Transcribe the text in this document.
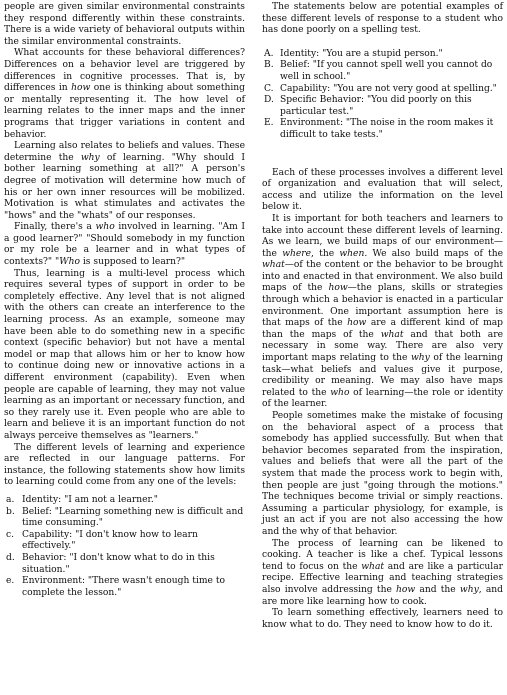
people are given similar environmental constraints they respond differently within these constraints. There is a wide variety of behavioral outputs within the similar environmental constraints.

What accounts for these behavioral differences? Differences on a behavior level are triggered by differences in cognitive processes. That is, by differences in how one is thinking about something or mentally representing it. The how level of learning relates to the inner maps and the inner programs that trigger variations in content and behavior.

Learning also relates to beliefs and values. These determine the why of learning. "Why should I bother learning something at all?" A person's degree of motivation will determine how much of his or her own inner resources will be mobilized. Motivation is what stimulates and activates the "hows" and the "whats" of our responses.

Finally, there's a who involved in learning. "Am I a good learner?" "Should somebody in my function or my role be a learner and in what types of contexts?" "Who is supposed to learn?"

Thus, learning is a multi-level process which requires several types of support in order to be completely effective. Any level that is not aligned with the others can create an interference to the learning process. As an example, someone may have been able to do something new in a specific context (specific behavior) but not have a mental model or map that allows him or her to know how to continue doing new or innovative actions in a different environment (capability). Even when people are capable of learning, they may not value learning as an important or necessary function, and so they rarely use it. Even people who are able to learn and believe it is an important function do not always perceive themselves as "learners."

The different levels of learning and experience are reflected in our language patterns. For instance, the following statements show how limits to learning could come from any one of the levels:

a. Identity: "I am not a learner."
b. Belief: "Learning something new is difficult and time consuming."
c. Capability: "I don't know how to learn effectively."
d. Behavior: "I don't know what to do in this situation."
e. Environment: "There wasn't enough time to complete the lesson."

The statements below are potential examples of these different levels of response to a student who has done poorly on a spelling test.

A. Identity: "You are a stupid person."
B. Belief: "If you cannot spell well you cannot do well in school."
C. Capability: "You are not very good at spelling."
D. Specific Behavior: "You did poorly on this particular test."
E. Environment: "The noise in the room makes it difficult to take tests."

Each of these processes involves a different level of organization and evaluation that will select, access and utilize the information on the level below it.

It is important for both teachers and learners to take into account these different levels of learning. As we learn, we build maps of our environment—the where, the when. We also build maps of the what—of the content or the behavior to be brought into and enacted in that environment. We also build maps of the how—the plans, skills or strategies through which a behavior is enacted in a particular environment. One important assumption here is that maps of the how are a different kind of map than the maps of the what and that both are necessary in some way. There are also very important maps relating to the why of the learning task—what beliefs and values give it purpose, credibility or meaning. We may also have maps related to the who of learning—the role or identity of the learner.

People sometimes make the mistake of focusing on the behavioral aspect of a process that somebody has applied successfully. But when that behavior becomes separated from the inspiration, values and beliefs that were all the part of the system that made the process work to begin with, then people are just "going through the motions." The techniques become trivial or simply reactions. Assuming a particular physiology, for example, is just an act if you are not also accessing the how and the why of that behavior.

The process of learning can be likened to cooking. A teacher is like a chef. Typical lessons tend to focus on the what and are like a particular recipe. Effective learning and teaching strategies also involve addressing the how and the why, and are more like learning how to cook.

To learn something effectively, learners need to know what to do. They need to know how to do it.
